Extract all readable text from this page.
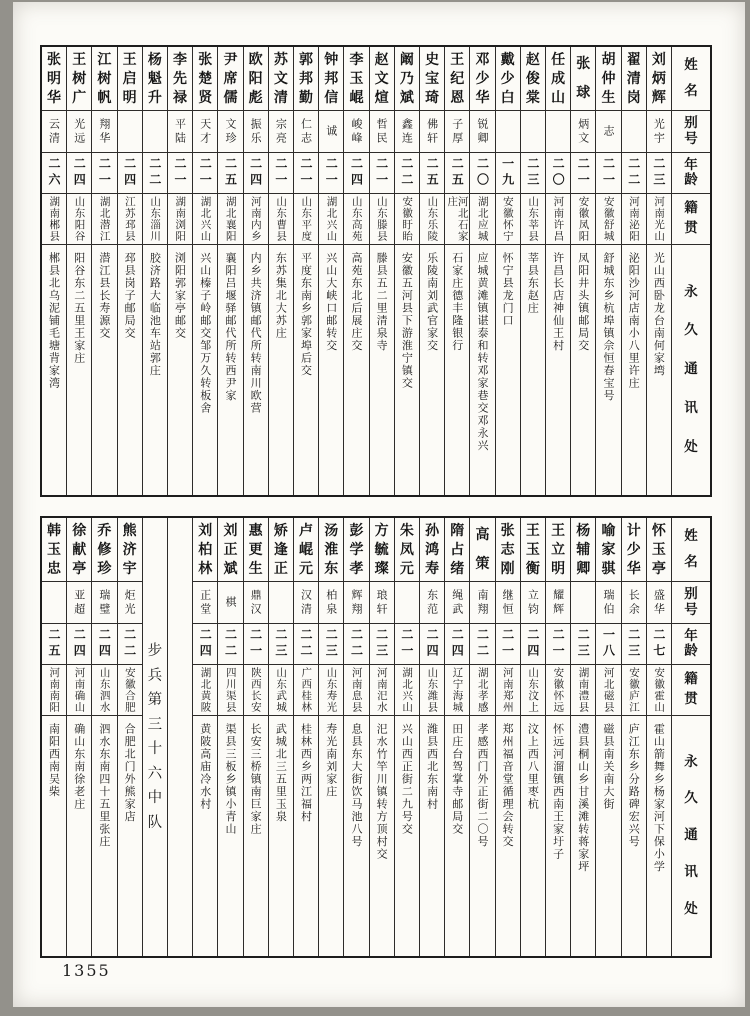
姓
名
别
号
年
龄
籍
贯
永
久
通
讯
处
刘
炳
辉
光宇
二三
河南光山
光山西卧龙台南何家塆
翟
清
岗
二二
河南泌阳
泌阳沙河店南小八里许庄
胡
仲
生
志
二一
安徽舒城
舒城东乡杭埠镇佘恒春宝号
张
球
炳文
二一
安徽凤阳
凤阳井头镇邮局交
任
成
山
二〇
河南许昌
许昌长店神仙王村
赵
俊
棠
二三
山东莘县
莘县东赵庄
戴
少
白
一九
安徽怀宁
怀宁县龙门口
邓
少
华
锐卿
二〇
湖北应城
应城黄滩镇谌泰和转邓家巷交邓永兴
王
纪
恩
子厚
二五
河北石家庄
石家庄德丰隆银行
史
宝
琦
佛轩
二五
山东乐陵
乐陵南刘武官家交
阚
乃
斌
鑫连
二二
安徽盱眙
安徽五河县下游淮宁镇交
赵
文
煊
哲民
二一
山东滕县
滕县五二里清泉寺
李
玉
崐
峻峰
二四
山东高苑
高苑东北后展庄交
钟
邦
信
诚
二一
湖北兴山
兴山大峡口邮转交
郭
邦
勤
仁志
二一
山东平度
平度东南乡郭家埠后交
苏
文
清
宗亮
二一
山东曹县
东苏集北大苏庄
欧
阳
彪
振乐
二四
河南内乡
内乡共济镇邮代所转南川欧营
尹
席
儒
文珍
二五
湖北襄阳
襄阳吕堰驿邮代所转西尹家
张
楚
贤
天才
二一
湖北兴山
兴山榛子岭邮交邹万久转板舍
李
先
禄
平陆
二一
湖南浏阳
浏阳郭家亭邮交
杨
魁
升
二二
山东淄川
胶济路大临池车站郭庄
王
启
明
二四
江苏邳县
邳县岗子邮局交
江
树
帆
翔华
二一
湖北潜江
潜江县长寿源交
王
树
广
光远
二四
山东阳谷
阳谷东二五里王家庄
张
明
华
云清
二六
湖南郴县
郴县北乌泥铺毛塘背家湾
姓
名
别
号
年
龄
籍
贯
永
久
通
讯
处
怀
玉
亭
盛华
二七
安徽霍山
霍山箭舞乡杨家河下保小学
计
少
华
长余
二三
安徽庐江
庐江东乡分路碑宏兴号
喻
家
骐
瑞伯
一八
河北磁县
磁县南关南大街
杨
辅
卿
二三
湖南澧县
澧县桐山乡甘溪滩转蒋家坪
王
立
明
耀辉
二一
安徽怀远
怀远河溜镇西南王家圩子
王
玉
衡
立钧
二四
山东汶上
汶上西八里枣杭
张
志
刚
继恒
二一
河南郑州
郑州福音堂循理会转交
高
策
南翔
二二
湖北孝感
孝感西门外正街二〇号
隋
占
绪
绳武
二四
辽宁海城
田庄台驾掌寺邮局交
孙
鸿
寿
东范
二四
山东潍县
潍县西北东南村
朱
凤
元
二一
湖北兴山
兴山西正街二九号交
方
毓
璨
琅轩
二三
河南汜水
汜水竹竿川镇转方顶村交
彭
学
孝
辉翔
二二
河南息县
息县东大街饮马池八号
汤
淮
东
柏泉
二三
山东寿光
寿光南刘家庄
卢
崐
元
汉清
二二
广西桂林
桂林西乡两江福村
矫
逢
正
二三
山东武城
武城北三五里玉泉
惠
更
生
鼎汉
二一
陕西长安
长安三桥镇南巨家庄
刘
正
斌
棋
二二
四川渠县
渠县三板乡镇小青山
刘
柏
林
正堂
二四
湖北黄陂
黄陂高庙冷水村
步
兵
第
三
十
六
中
队
熊
济
宇
炬光
二二
安徽合肥
合肥北门外熊家店
乔
修
珍
瑞璧
二四
山东泗水
泗水东南四十五里张庄
徐
献
亭
亚超
二四
河南确山
确山东南徐老庄
韩
玉
忠
二五
河南南阳
南阳西南吴柴
1355
